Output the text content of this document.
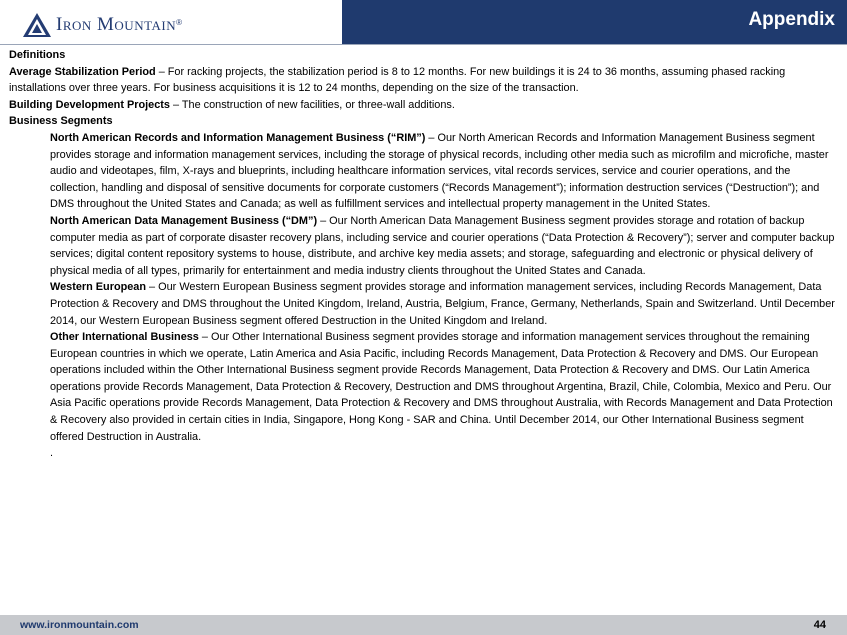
Iron Mountain ®	Appendix

Definitions

Average Stabilization Period – For racking projects, the stabilization period is 8 to 12 months. For new buildings it is 24 to 36 months, assuming phased racking installations over three years. For business acquisitions it is 12 to 24 months, depending on the size of the transaction.

Building Development Projects – The construction of new facilities, or three-wall additions.

Business Segments

North American Records and Information Management Business (“RIM”) – Our North American Records and Information Management Business segment provides storage and information management services, including the storage of physical records, including other media such as microfilm and microfiche, master audio and videotapes, film, X-rays and blueprints, including healthcare information services, vital records services, service and courier operations, and the collection, handling and disposal of sensitive documents for corporate customers (“Records Management”); information destruction services (“Destruction”); and DMS throughout the United States and Canada; as well as fulfillment services and intellectual property management in the United States.

North American Data Management Business (“DM”) – Our North American Data Management Business segment provides storage and rotation of backup computer media as part of corporate disaster recovery plans, including service and courier operations (“Data Protection & Recovery”); server and computer backup services; digital content repository systems to house, distribute, and archive key media assets; and storage, safeguarding and electronic or physical delivery of physical media of all types, primarily for entertainment and media industry clients throughout the United States and Canada.

Western European – Our Western European Business segment provides storage and information management services, including Records Management, Data Protection & Recovery and DMS throughout the United Kingdom, Ireland, Austria, Belgium, France, Germany, Netherlands, Spain and Switzerland. Until December 2014, our Western European Business segment offered Destruction in the United Kingdom and Ireland.

Other International Business – Our Other International Business segment provides storage and information management services throughout the remaining European countries in which we operate, Latin America and Asia Pacific, including Records Management, Data Protection & Recovery and DMS. Our European operations included within the Other International Business segment provide Records Management, Data Protection & Recovery and DMS. Our Latin America operations provide Records Management, Data Protection & Recovery, Destruction and DMS throughout Argentina, Brazil, Chile, Colombia, Mexico and Peru. Our Asia Pacific operations provide Records Management, Data Protection & Recovery and DMS throughout Australia, with Records Management and Data Protection & Recovery also provided in certain cities in India, Singapore, Hong Kong - SAR and China. Until December 2014, our Other International Business segment offered Destruction in Australia.

.

www.ironmountain.com	44
